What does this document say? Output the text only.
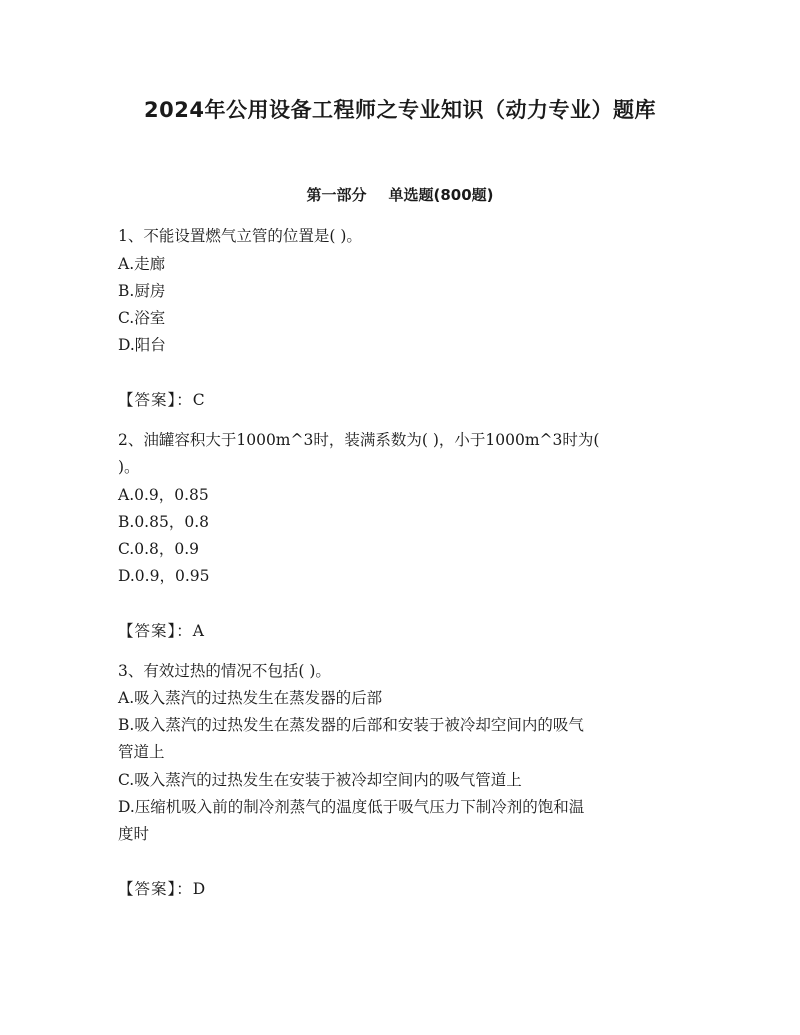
2024年公用设备工程师之专业知识（动力专业）题库
第一部分 单选题(800题)
1、不能设置燃气立管的位置是( )。
A.走廊
B.厨房
C.浴室
D.阳台
【答案】：C
2、油罐容积大于1000m^3时，装满系数为( )，小于1000m^3时为(
)。
A.0.9，0.85
B.0.85，0.8
C.0.8，0.9
D.0.9，0.95
【答案】：A
3、有效过热的情况不包括( )。
A.吸入蒸汽的过热发生在蒸发器的后部
B.吸入蒸汽的过热发生在蒸发器的后部和安装于被冷却空间内的吸气
管道上
C.吸入蒸汽的过热发生在安装于被冷却空间内的吸气管道上
D.压缩机吸入前的制冷剂蒸气的温度低于吸气压力下制冷剂的饱和温
度时
【答案】：D
